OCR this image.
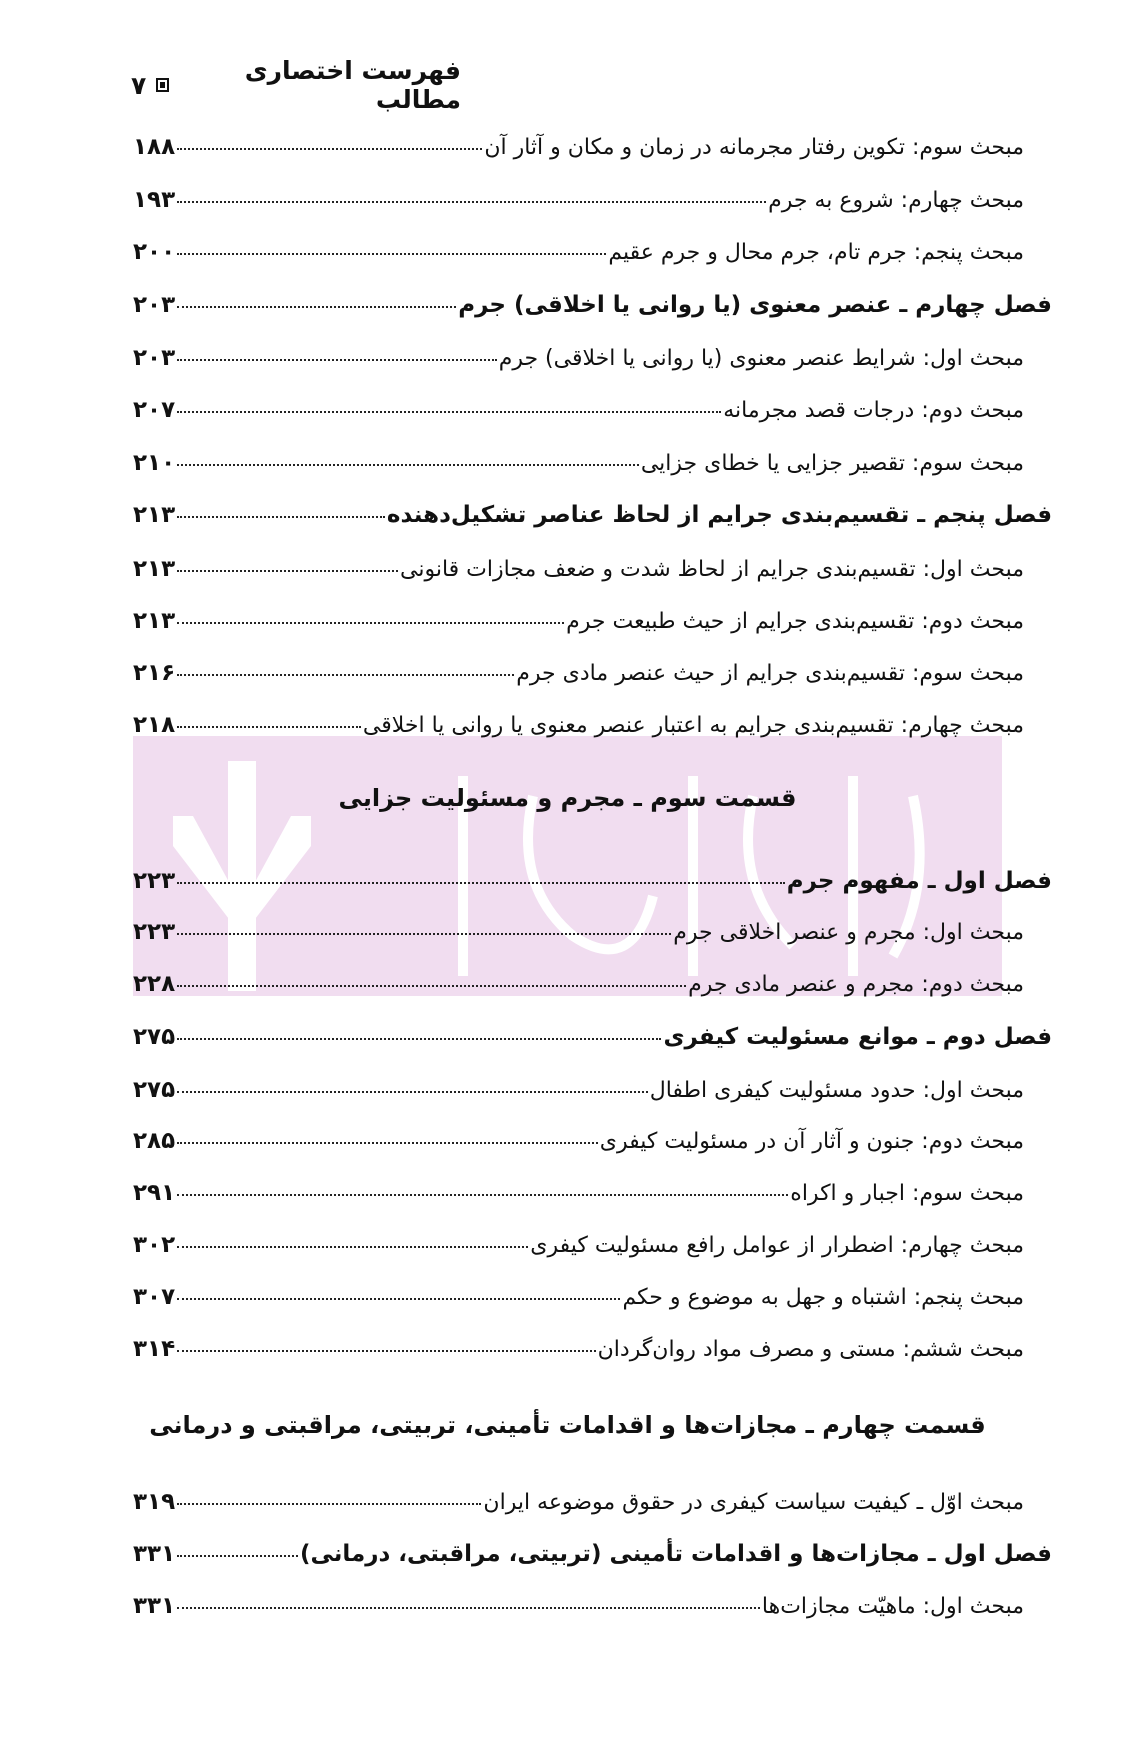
فهرست اختصاری مطالب
۷
مبحث سوم: تکوین رفتار مجرمانه در زمان و مکان و آثار آن
۱۸۸
مبحث چهارم: شروع به جرم
۱۹۳
مبحث پنجم: جرم تام، جرم محال و جرم عقیم
۲۰۰
فصل چهارم ـ عنصر معنوی (یا روانی یا اخلاقی) جرم
۲۰۳
مبحث اول: شرایط عنصر معنوی (یا روانی یا اخلاقی) جرم
۲۰۳
مبحث دوم: درجات قصد مجرمانه
۲۰۷
مبحث سوم: تقصیر جزایی یا خطای جزایی
۲۱۰
فصل پنجم ـ تقسیم‌بندی جرایم از لحاظ عناصر تشکیل‌دهنده
۲۱۳
مبحث اول: تقسیم‌بندی جرایم از لحاظ شدت و ضعف مجازات قانونی
۲۱۳
مبحث دوم: تقسیم‌بندی جرایم از حیث طبیعت جرم
۲۱۳
مبحث سوم: تقسیم‌بندی جرایم از حیث عنصر مادی جرم
۲۱۶
مبحث چهارم: تقسیم‌بندی جرایم به اعتبار عنصر معنوی یا روانی یا اخلاقی
۲۱۸
قسمت سوم ـ مجرم و مسئولیت جزایی
فصل اول ـ مفهوم جرم
۲۲۳
مبحث اول: مجرم و عنصر اخلاقی جرم
۲۲۳
مبحث دوم: مجرم و عنصر مادی جرم
۲۲۸
فصل دوم ـ موانع مسئولیت کیفری
۲۷۵
مبحث اول: حدود مسئولیت کیفری اطفال
۲۷۵
مبحث دوم: جنون و آثار آن در مسئولیت کیفری
۲۸۵
مبحث سوم: اجبار و اکراه
۲۹۱
مبحث چهارم: اضطرار از عوامل رافع مسئولیت کیفری
۳۰۲
مبحث پنجم: اشتباه و جهل به موضوع و حکم
۳۰۷
مبحث ششم: مستی و مصرف مواد روان‌گردان
۳۱۴
قسمت چهارم ـ مجازات‌ها و اقدامات تأمینی، تربیتی، مراقبتی و درمانی
مبحث اوّل ـ کیفیت سیاست کیفری در حقوق موضوعه ایران
۳۱۹
فصل اول ـ مجازات‌ها و اقدامات تأمینی (تربیتی، مراقبتی، درمانی)
۳۳۱
مبحث اول: ماهیّت مجازات‌ها
۳۳۱
